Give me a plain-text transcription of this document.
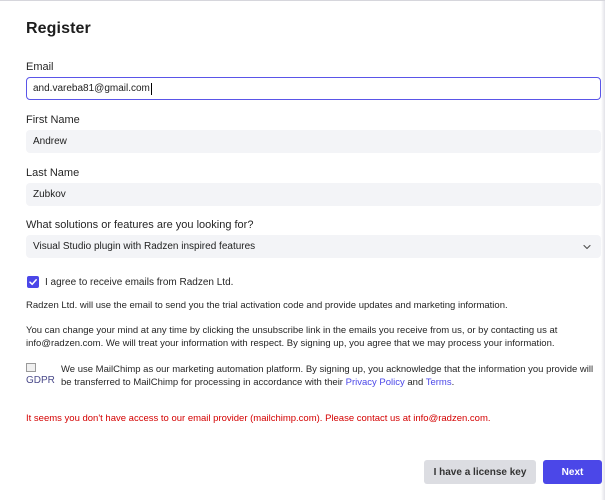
Register
Email
and.vareba81@gmail.com
First Name
Andrew
Last Name
Zubkov
What solutions or features are you looking for?
Visual Studio plugin with Radzen inspired features
I agree to receive emails from Radzen Ltd.
Radzen Ltd. will use the email to send you the trial activation code and provide updates and marketing information.
You can change your mind at any time by clicking the unsubscribe link in the emails you receive from us, or by contacting us at info@radzen.com. We will treat your information with respect. By signing up, you agree that we may process your information.
GDPR
We use MailChimp as our marketing automation platform. By signing up, you acknowledge that the information you provide will be transferred to MailChimp for processing in accordance with their Privacy Policy and Terms.
It seems you don't have access to our email provider (mailchimp.com). Please contact us at info@radzen.com.
I have a license key	Next
